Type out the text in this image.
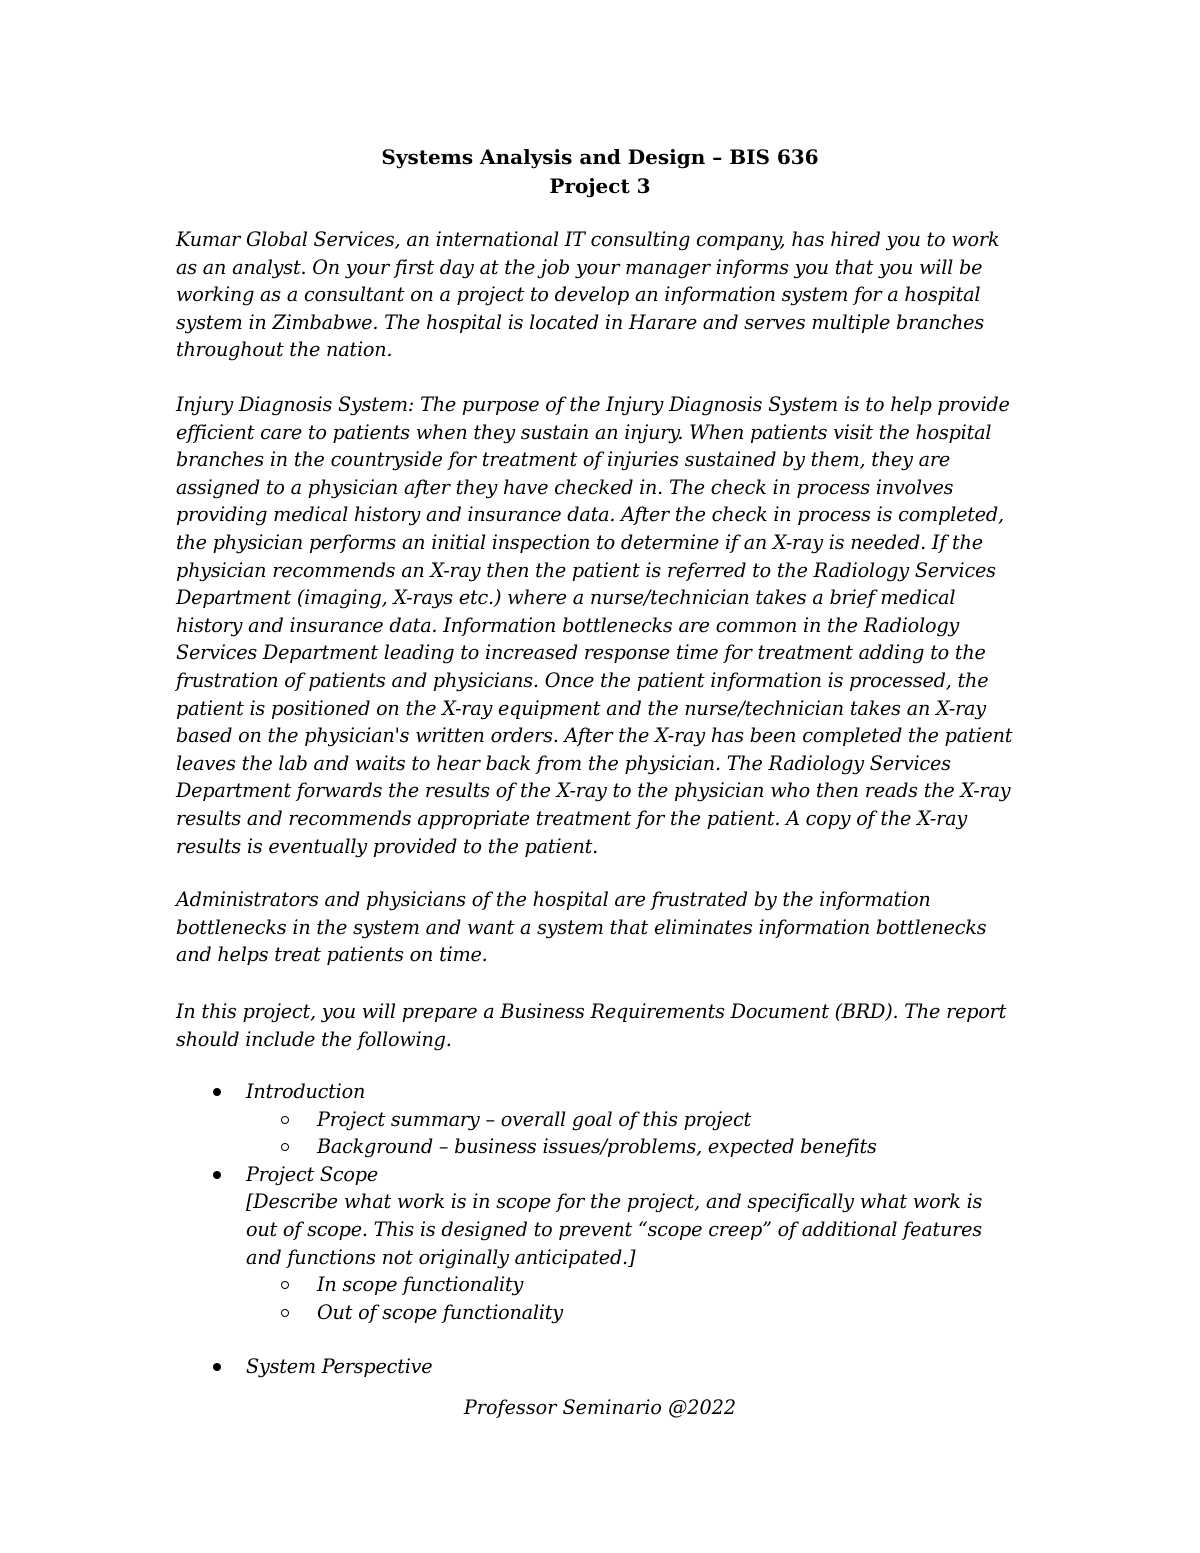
Systems Analysis and Design – BIS 636
Project 3
Kumar Global Services, an international IT consulting company, has hired you to work
as an analyst. On your first day at the job your manager informs you that you will be
working as a consultant on a project to develop an information system for a hospital
system in Zimbabwe. The hospital is located in Harare and serves multiple branches
throughout the nation.
Injury Diagnosis System: The purpose of the Injury Diagnosis System is to help provide
efficient care to patients when they sustain an injury. When patients visit the hospital
branches in the countryside for treatment of injuries sustained by them, they are
assigned to a physician after they have checked in. The check in process involves
providing medical history and insurance data. After the check in process is completed,
the physician performs an initial inspection to determine if an X-ray is needed. If the
physician recommends an X-ray then the patient is referred to the Radiology Services
Department (imaging, X-rays etc.) where a nurse/technician takes a brief medical
history and insurance data. Information bottlenecks are common in the Radiology
Services Department leading to increased response time for treatment adding to the
frustration of patients and physicians. Once the patient information is processed, the
patient is positioned on the X-ray equipment and the nurse/technician takes an X-ray
based on the physician's written orders. After the X-ray has been completed the patient
leaves the lab and waits to hear back from the physician. The Radiology Services
Department forwards the results of the X-ray to the physician who then reads the X-ray
results and recommends appropriate treatment for the patient. A copy of the X-ray
results is eventually provided to the patient.
Administrators and physicians of the hospital are frustrated by the information
bottlenecks in the system and want a system that eliminates information bottlenecks
and helps treat patients on time.
In this project, you will prepare a Business Requirements Document (BRD). The report
should include the following.
Introduction
Project summary – overall goal of this project
Background – business issues/problems, expected benefits
Project Scope
[Describe what work is in scope for the project, and specifically what work is
out of scope. This is designed to prevent “scope creep” of additional features
and functions not originally anticipated.]
In scope functionality
Out of scope functionality
System Perspective
Professor Seminario @2022
